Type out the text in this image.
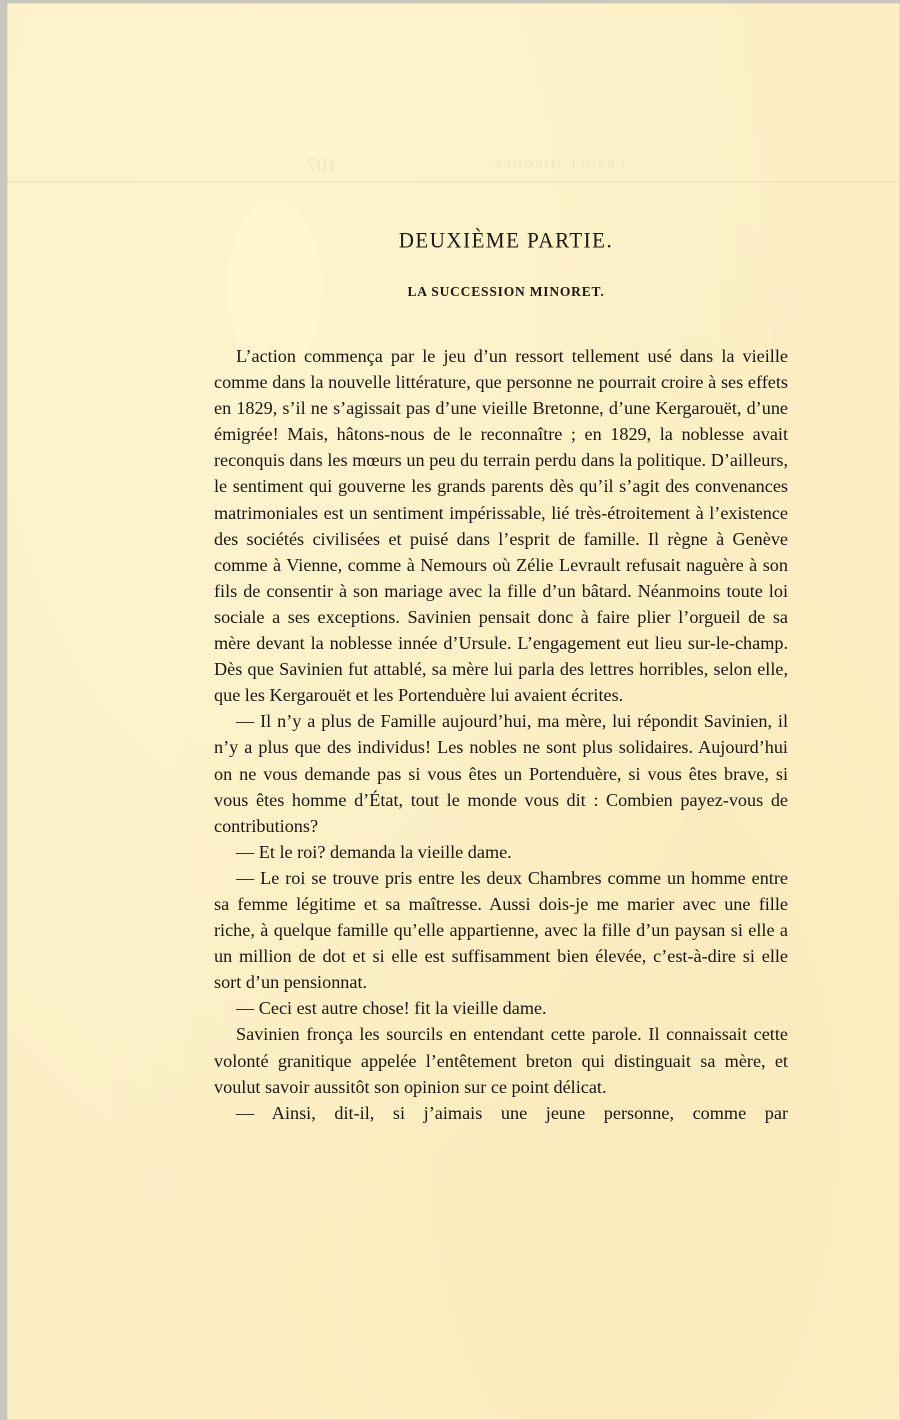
107	URSULE MIROUËT.
DEUXIÈME PARTIE.
LA SUCCESSION MINORET.

L’action commença par le jeu d’un ressort tellement usé dans la vieille comme dans la nouvelle littérature, que personne ne pourrait croire à ses effets en 1829, s’il ne s’agissait pas d’une vieille Bretonne, d’une Kergarouët, d’une émigrée! Mais, hâtons-nous de le reconnaître ; en 1829, la noblesse avait reconquis dans les mœurs un peu du terrain perdu dans la politique. D’ailleurs, le sentiment qui gouverne les grands parents dès qu’il s’agit des convenances matrimoniales est un sentiment impérissable, lié très-étroitement à l’existence des sociétés civilisées et puisé dans l’esprit de famille. Il règne à Genève comme à Vienne, comme à Nemours où Zélie Levrault refusait naguère à son fils de consentir à son mariage avec la fille d’un bâtard. Néanmoins toute loi sociale a ses exceptions. Savinien pensait donc à faire plier l’orgueil de sa mère devant la noblesse innée d’Ursule. L’engagement eut lieu sur-le-champ. Dès que Savinien fut attablé, sa mère lui parla des lettres horribles, selon elle, que les Kergarouët et les Portenduère lui avaient écrites.

— Il n’y a plus de Famille aujourd’hui, ma mère, lui répondit Savinien, il n’y a plus que des individus! Les nobles ne sont plus solidaires. Aujourd’hui on ne vous demande pas si vous êtes un Portenduère, si vous êtes brave, si vous êtes homme d’État, tout le monde vous dit : Combien payez-vous de contributions?

— Et le roi? demanda la vieille dame.

— Le roi se trouve pris entre les deux Chambres comme un homme entre sa femme légitime et sa maîtresse. Aussi dois-je me marier avec une fille riche, à quelque famille qu’elle appartienne, avec la fille d’un paysan si elle a un million de dot et si elle est suffisamment bien élevée, c’est-à-dire si elle sort d’un pensionnat.

— Ceci est autre chose! fit la vieille dame.

Savinien fronça les sourcils en entendant cette parole. Il connaissait cette volonté granitique appelée l’entêtement breton qui distinguait sa mère, et voulut savoir aussitôt son opinion sur ce point délicat.

— Ainsi, dit-il, si j’aimais une jeune personne, comme par
